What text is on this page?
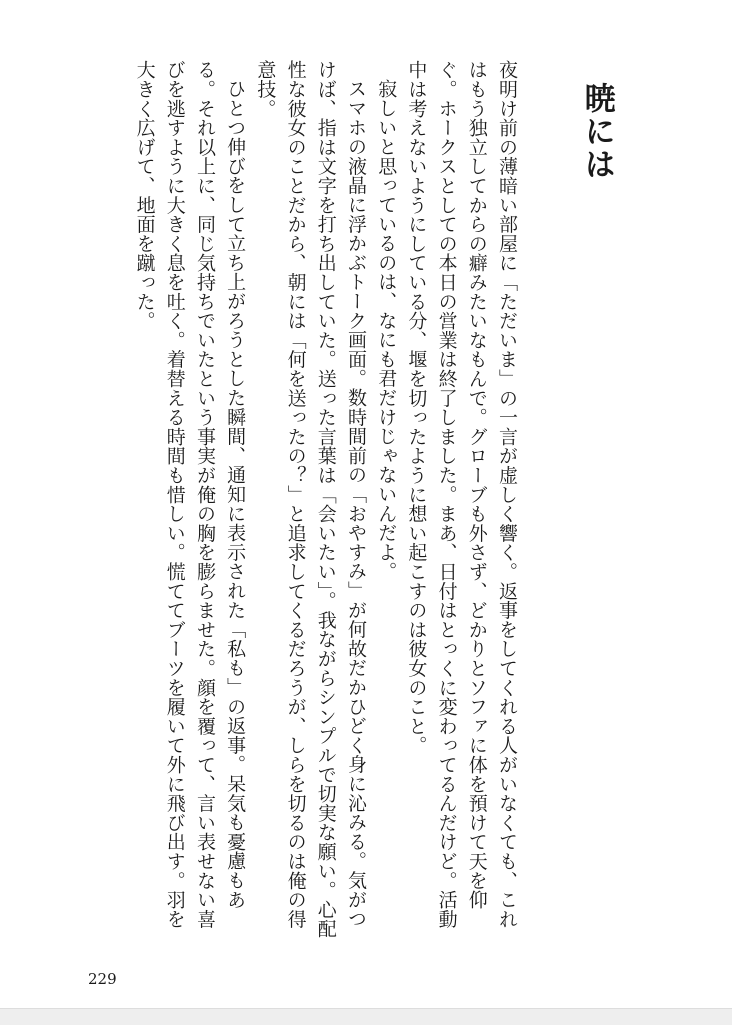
暁には

夜明け前の薄暗い部屋に「ただいま」の一言が虚しく響く。返事をしてくれる人がいなくても、これはもう独立してからの癖みたいなもんで。グローブも外さず、どかりとソファに体を預けて天を仰ぐ。ホークスとしての本日の営業は終了しました。まあ、日付はとっくに変わってるんだけど。活動中は考えないようにしている分、堰を切ったように想い起こすのは彼女のこと。

寂しいと思っているのは、なにも君だけじゃないんだよ。

スマホの液晶に浮かぶトーク画面。数時間前の「おやすみ」が何故だかひどく身に沁みる。気がつけば、指は文字を打ち出していた。送った言葉は「会いたい」。我ながらシンプルで切実な願い。心配性な彼女のことだから、朝には「何を送ったの？」と追求してくるだろうが、しらを切るのは俺の得意技。

ひとつ伸びをして立ち上がろうとした瞬間、通知に表示された「私も」の返事。呆気も憂慮もある。それ以上に、同じ気持ちでいたという事実が俺の胸を膨らませた。顔を覆って、言い表せない喜びを逃すように大きく息を吐く。着替える時間も惜しい。慌ててブーツを履いて外に飛び出す。羽を大きく広げて、地面を蹴った。

229
